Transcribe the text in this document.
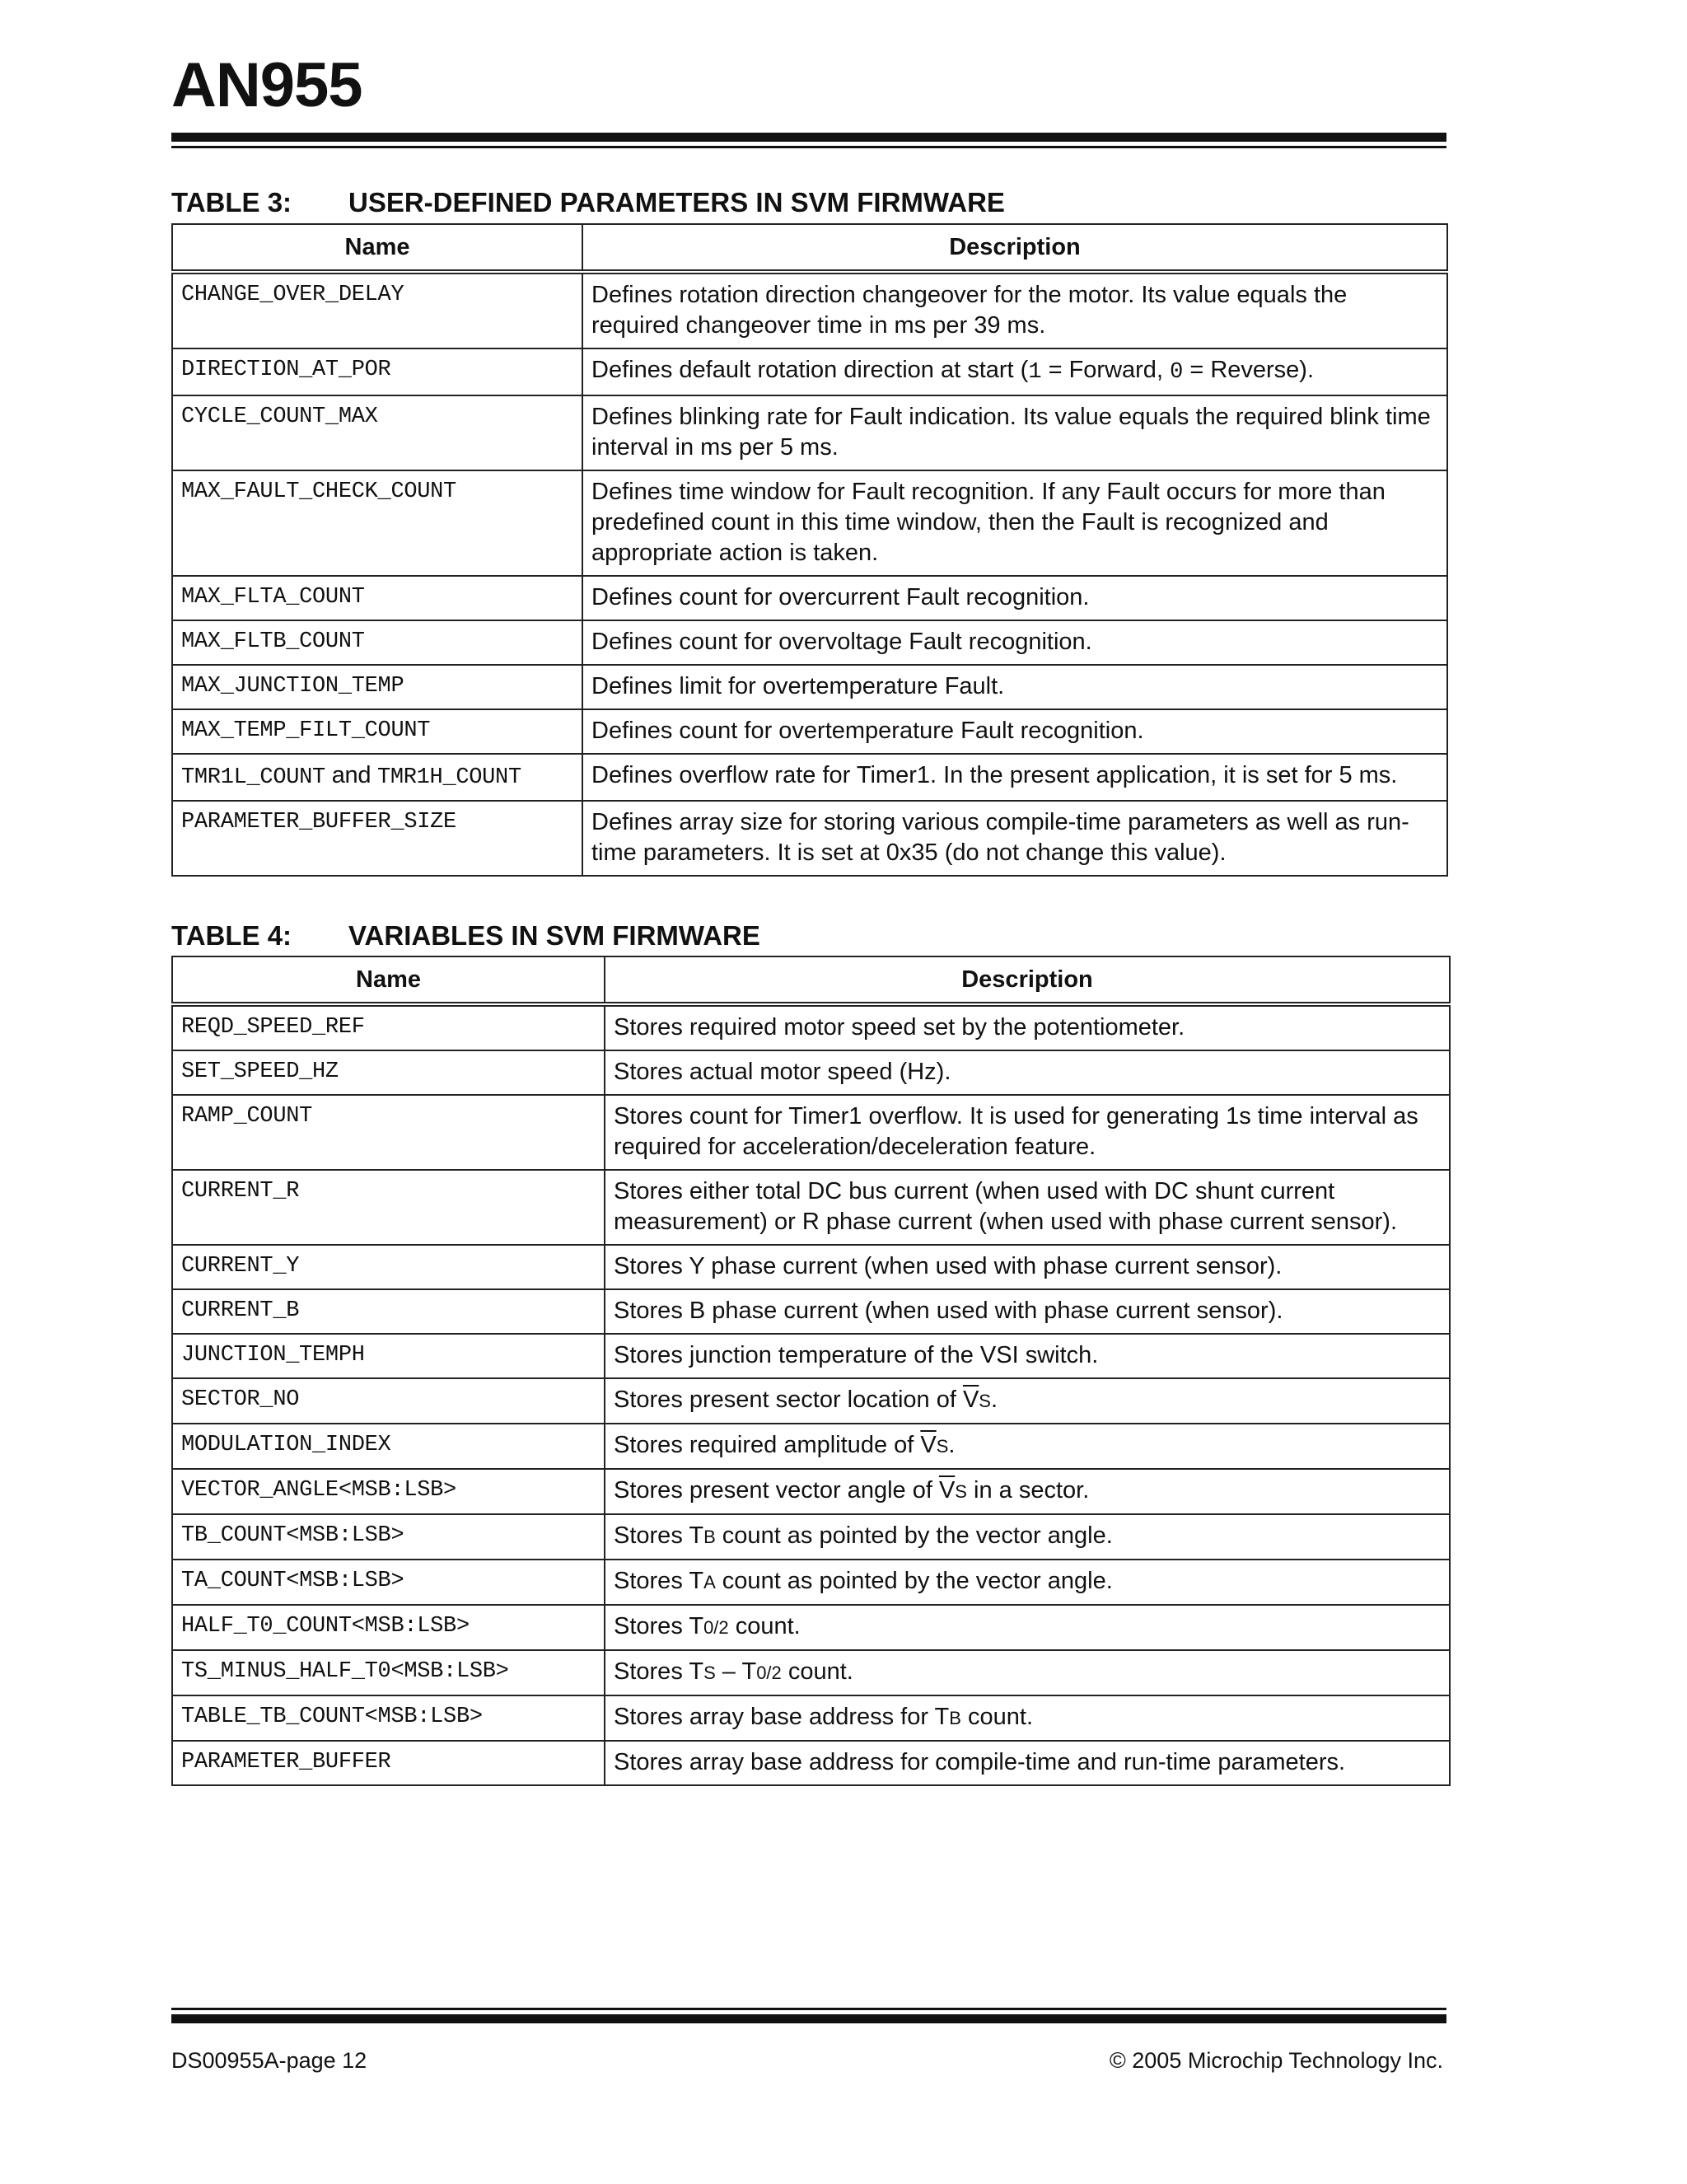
AN955
TABLE 3: USER-DEFINED PARAMETERS IN SVM FIRMWARE
Name	Description
CHANGE_OVER_DELAY	Defines rotation direction changeover for the motor. Its value equals the required changeover time in ms per 39 ms.
DIRECTION_AT_POR	Defines default rotation direction at start (1 = Forward, 0 = Reverse).
CYCLE_COUNT_MAX	Defines blinking rate for Fault indication. Its value equals the required blink time interval in ms per 5 ms.
MAX_FAULT_CHECK_COUNT	Defines time window for Fault recognition. If any Fault occurs for more than predefined count in this time window, then the Fault is recognized and appropriate action is taken.
MAX_FLTA_COUNT	Defines count for overcurrent Fault recognition.
MAX_FLTB_COUNT	Defines count for overvoltage Fault recognition.
MAX_JUNCTION_TEMP	Defines limit for overtemperature Fault.
MAX_TEMP_FILT_COUNT	Defines count for overtemperature Fault recognition.
TMR1L_COUNT and TMR1H_COUNT	Defines overflow rate for Timer1. In the present application, it is set for 5 ms.
PARAMETER_BUFFER_SIZE	Defines array size for storing various compile-time parameters as well as run-time parameters. It is set at 0x35 (do not change this value).
TABLE 4: VARIABLES IN SVM FIRMWARE
Name	Description
REQD_SPEED_REF	Stores required motor speed set by the potentiometer.
SET_SPEED_HZ	Stores actual motor speed (Hz).
RAMP_COUNT	Stores count for Timer1 overflow. It is used for generating 1s time interval as required for acceleration/deceleration feature.
CURRENT_R	Stores either total DC bus current (when used with DC shunt current measurement) or R phase current (when used with phase current sensor).
CURRENT_Y	Stores Y phase current (when used with phase current sensor).
CURRENT_B	Stores B phase current (when used with phase current sensor).
JUNCTION_TEMPH	Stores junction temperature of the VSI switch.
SECTOR_NO	Stores present sector location of $\overline{V}S$.
MODULATION_INDEX	Stores required amplitude of $\overline{V}S$.
VECTOR_ANGLE<MSB:LSB>	Stores present vector angle of $\overline{V}S$ in a sector.
TB_COUNT<MSB:LSB>	Stores TB count as pointed by the vector angle.
TA_COUNT<MSB:LSB>	Stores TA count as pointed by the vector angle.
HALF_T0_COUNT<MSB:LSB>	Stores T0/2 count.
TS_MINUS_HALF_T0<MSB:LSB>	Stores TS – T0/2 count.
TABLE_TB_COUNT<MSB:LSB>	Stores array base address for TB count.
PARAMETER_BUFFER	Stores array base address for compile-time and run-time parameters.
DS00955A-page 12	© 2005 Microchip Technology Inc.
